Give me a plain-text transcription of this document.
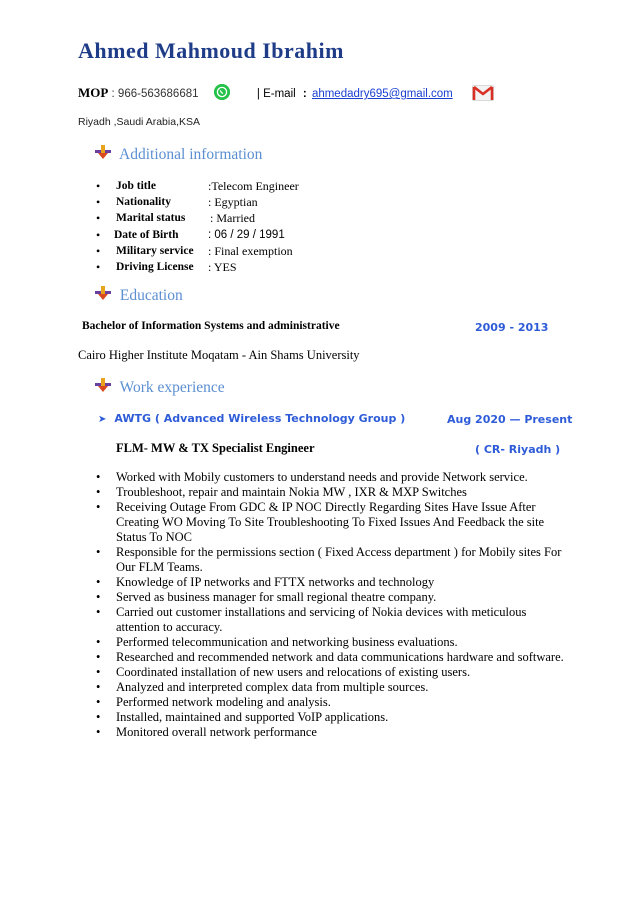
Ahmed Mahmoud Ibrahim
MOP : 966-563686681	| E-mail : ahmedadry695@gmail.com
Riyadh ,Saudi Arabia,KSA
Additional information
Job title	:Telecom Engineer
Nationality	: Egyptian
Marital status : Married
Date of Birth	: 06 / 29 / 1991
Military service : Final exemption
Driving License : YES
Education
Bachelor of Information Systems and administrative	2009 - 2013
Cairo Higher Institute Moqatam - Ain Shams University
Work experience
➤ AWTG ( Advanced Wireless Technology Group )	Aug 2020 — Present
FLM- MW & TX Specialist Engineer	( CR- Riyadh )
• Worked with Mobily customers to understand needs and provide Network service.
• Troubleshoot, repair and maintain Nokia MW , IXR & MXP Switches
• Receiving Outage From GDC & IP NOC Directly Regarding Sites Have Issue After Creating WO Moving To Site Troubleshooting To Fixed Issues And Feedback the site Status To NOC
• Responsible for the permissions section ( Fixed Access department ) for Mobily sites For Our FLM Teams.
• Knowledge of IP networks and FTTX networks and technology
• Served as business manager for small regional theatre company.
• Carried out customer installations and servicing of Nokia devices with meticulous attention to accuracy.
• Performed telecommunication and networking business evaluations.
• Researched and recommended network and data communications hardware and software.
• Coordinated installation of new users and relocations of existing users.
• Analyzed and interpreted complex data from multiple sources.
• Performed network modeling and analysis.
• Installed, maintained and supported VoIP applications.
• Monitored overall network performance
